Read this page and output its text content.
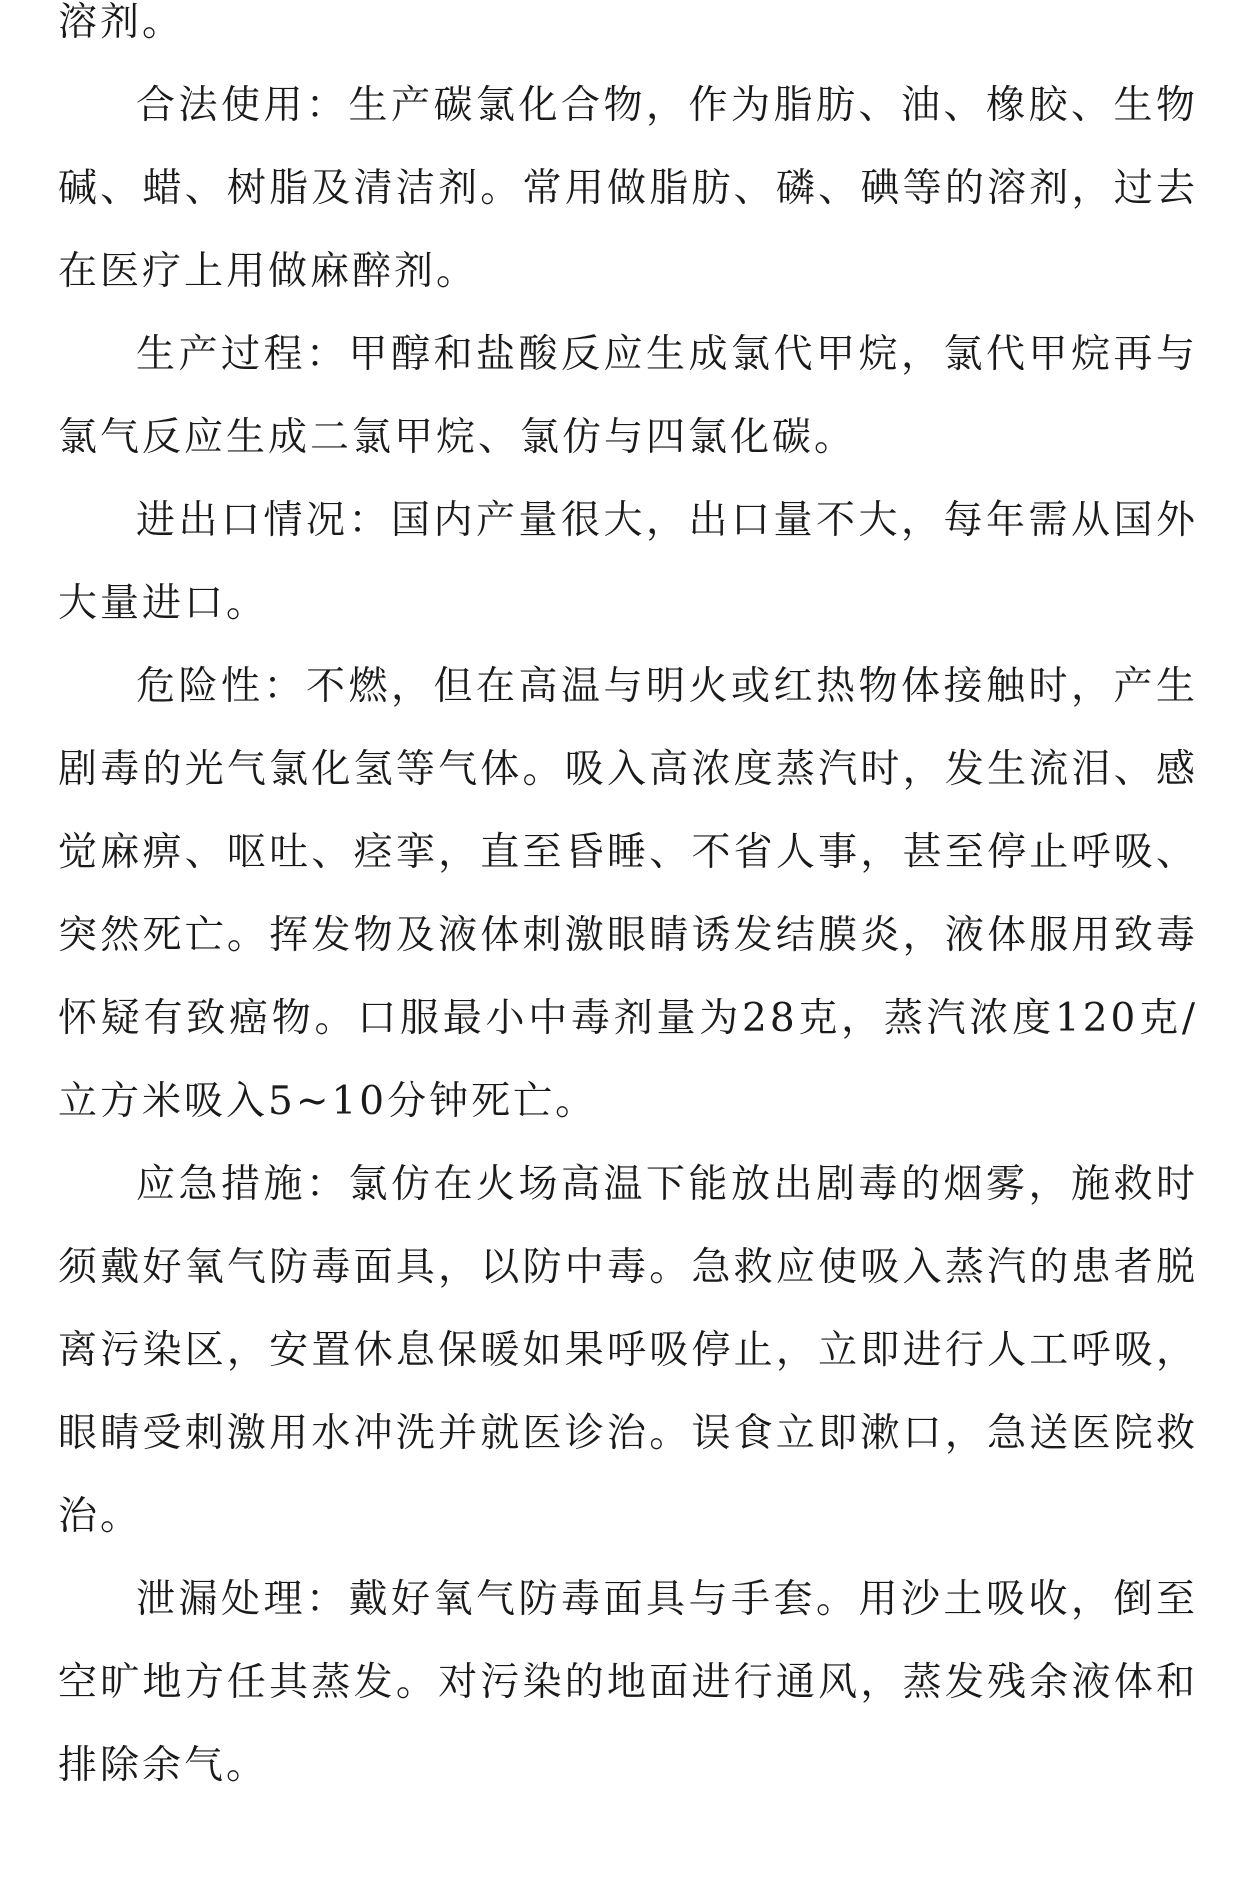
溶剂。

合法使用：生产碳氯化合物，作为脂肪、油、橡胶、生物碱、蜡、树脂及清洁剂。常用做脂肪、磷、碘等的溶剂，过去在医疗上用做麻醉剂。

生产过程：甲醇和盐酸反应生成氯代甲烷，氯代甲烷再与氯气反应生成二氯甲烷、氯仿与四氯化碳。

进出口情况：国内产量很大，出口量不大，每年需从国外大量进口。

危险性：不燃，但在高温与明火或红热物体接触时，产生剧毒的光气氯化氢等气体。吸入高浓度蒸汽时，发生流泪、感觉麻痹、呕吐、痉挛，直至昏睡、不省人事，甚至停止呼吸、突然死亡。挥发物及液体刺激眼睛诱发结膜炎，液体服用致毒怀疑有致癌物。口服最小中毒剂量为28克，蒸汽浓度120克/立方米吸入5~10分钟死亡。

应急措施：氯仿在火场高温下能放出剧毒的烟雾，施救时须戴好氧气防毒面具，以防中毒。急救应使吸入蒸汽的患者脱离污染区，安置休息保暖如果呼吸停止，立即进行人工呼吸，眼睛受刺激用水冲洗并就医诊治。误食立即漱口，急送医院救治。

泄漏处理：戴好氧气防毒面具与手套。用沙土吸收，倒至空旷地方任其蒸发。对污染的地面进行通风，蒸发残余液体和排除余气。
